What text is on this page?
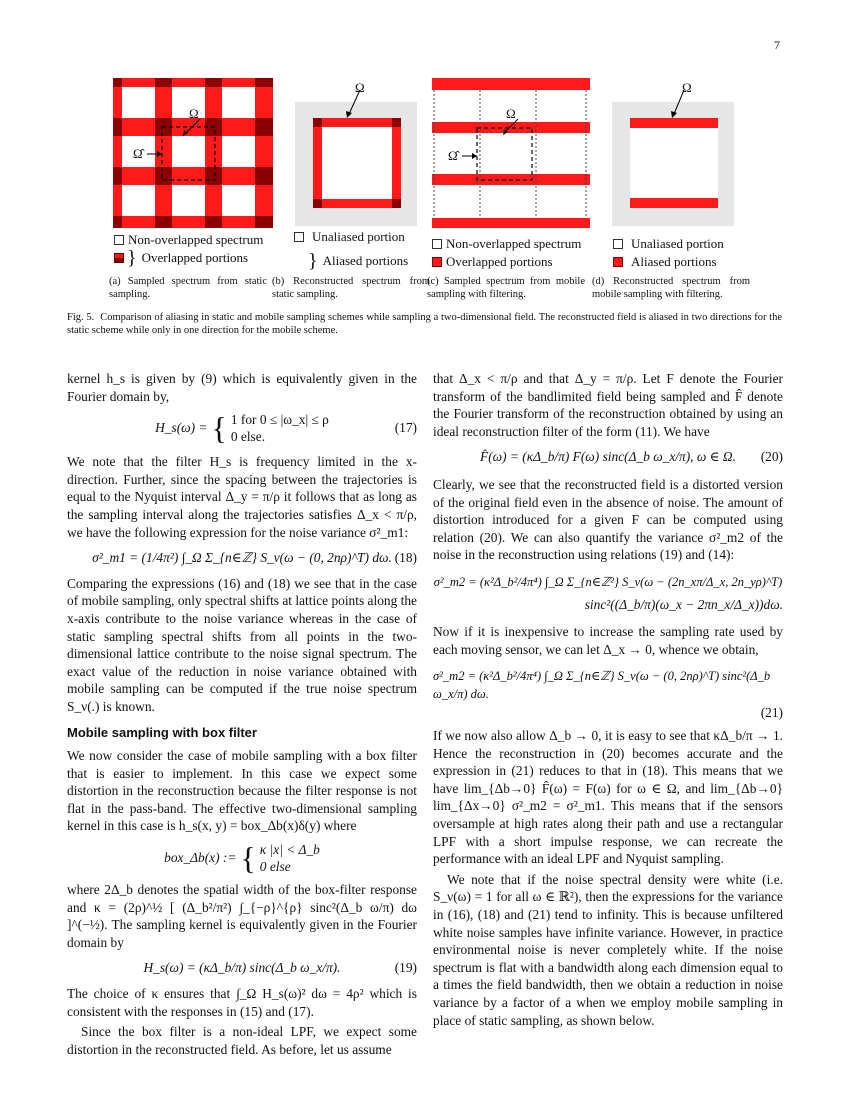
7
Ω
Ω̂
Ω
Ω
Ω̂
Ω
Non-overlapped spectrum
} Overlapped portions
Unaliased portion
} Aliased portions
Non-overlapped spectrum
Overlapped portions
Unaliased portion
Aliased portions
(a) Sampled spectrum from static sampling.
(b) Reconstructed spectrum from static sampling.
(c) Sampled spectrum from mobile sampling with filtering.
(d) Reconstructed spectrum from mobile sampling with filtering.
Fig. 5. Comparison of aliasing in static and mobile sampling schemes while sampling a two-dimensional field. The reconstructed field is aliased in two directions for the static scheme while only in one direction for the mobile scheme.

kernel h_s is given by (9) which is equivalently given in the Fourier domain by,

H_s(ω) = { 1 for 0 ≤ |ω_x| ≤ ρ
0 else.
(17)

We note that the filter H_s is frequency limited in the x-direction. Further, since the spacing between the trajectories is equal to the Nyquist interval Δ_y = π/ρ it follows that as long as the sampling interval along the trajectories satisfies Δ_x < π/ρ, we have the following expression for the noise variance σ²_m1:

σ²_m1 = (1/4π²) ∫_Ω Σ_{n∈ℤ} S_ν(ω − (0, 2nρ)^T) dω. (18)

Comparing the expressions (16) and (18) we see that in the case of mobile sampling, only spectral shifts at lattice points along the x-axis contribute to the noise variance whereas in the case of static sampling spectral shifts from all points in the two-dimensional lattice contribute to the noise signal spectrum. The exact value of the reduction in noise variance obtained with mobile sampling can be computed if the true noise spectrum S_ν(.) is known.

Mobile sampling with box filter

We now consider the case of mobile sampling with a box filter that is easier to implement. In this case we expect some distortion in the reconstruction because the filter response is not flat in the pass-band. The effective two-dimensional sampling kernel in this case is h_s(x, y) = box_Δb(x)δ(y) where

box_Δb(x) := { κ |x| < Δ_b
0 else

where 2Δ_b denotes the spatial width of the box-filter response and κ = (2ρ)^½ [ (Δ_b²/π²) ∫_{−ρ}^{ρ} sinc²(Δ_b ω/π) dω ]^(−½). The sampling kernel is equivalently given in the Fourier domain by

H_s(ω) = (κΔ_b/π) sinc(Δ_b ω_x/π).	(19)

The choice of κ ensures that ∫_Ω H_s(ω)² dω = 4ρ² which is consistent with the responses in (15) and (17).

Since the box filter is a non-ideal LPF, we expect some distortion in the reconstructed field. As before, let us assume

that Δ_x < π/ρ and that Δ_y = π/ρ. Let F denote the Fourier transform of the bandlimited field being sampled and F̂ denote the Fourier transform of the reconstruction obtained by using an ideal reconstruction filter of the form (11). We have

F̂(ω) = (κΔ_b/π) F(ω) sinc(Δ_b ω_x/π), ω ∈ Ω. (20)

Clearly, we see that the reconstructed field is a distorted version of the original field even in the absence of noise. The amount of distortion introduced for a given F can be computed using relation (20). We can also quantify the variance σ²_m2 of the noise in the reconstruction using relations (19) and (14):

σ²_m2 = (κ²Δ_b²/4π⁴) ∫_Ω Σ_{n∈ℤ²} S_ν(ω − (2n_xπ/Δ_x, 2n_yρ)^T)
sinc²((Δ_b/π)(ω_x − 2πn_x/Δ_x))dω.

Now if it is inexpensive to increase the sampling rate used by each moving sensor, we can let Δ_x → 0, whence we obtain,

σ²_m2 = (κ²Δ_b²/4π⁴) ∫_Ω Σ_{n∈ℤ} S_ν(ω − (0, 2nρ)^T) sinc²(Δ_b ω_x/π) dω.
(21)

If we now also allow Δ_b → 0, it is easy to see that κΔ_b/π → 1. Hence the reconstruction in (20) becomes accurate and the expression in (21) reduces to that in (18). This means that we have lim_{Δb→0} F̂(ω) = F(ω) for ω ∈ Ω, and lim_{Δb→0} lim_{Δx→0} σ²_m2 = σ²_m1. This means that if the sensors oversample at high rates along their path and use a rectangular LPF with a short impulse response, we can recreate the performance with an ideal LPF and Nyquist sampling.

We note that if the noise spectral density were white (i.e. S_ν(ω) = 1 for all ω ∈ ℝ²), then the expressions for the variance in (16), (18) and (21) tend to infinity. This is because unfiltered white noise samples have infinite variance. However, in practice environmental noise is never completely white. If the noise spectrum is flat with a bandwidth along each dimension equal to a times the field bandwidth, then we obtain a reduction in noise variance by a factor of a when we employ mobile sampling in place of static sampling, as shown below.
